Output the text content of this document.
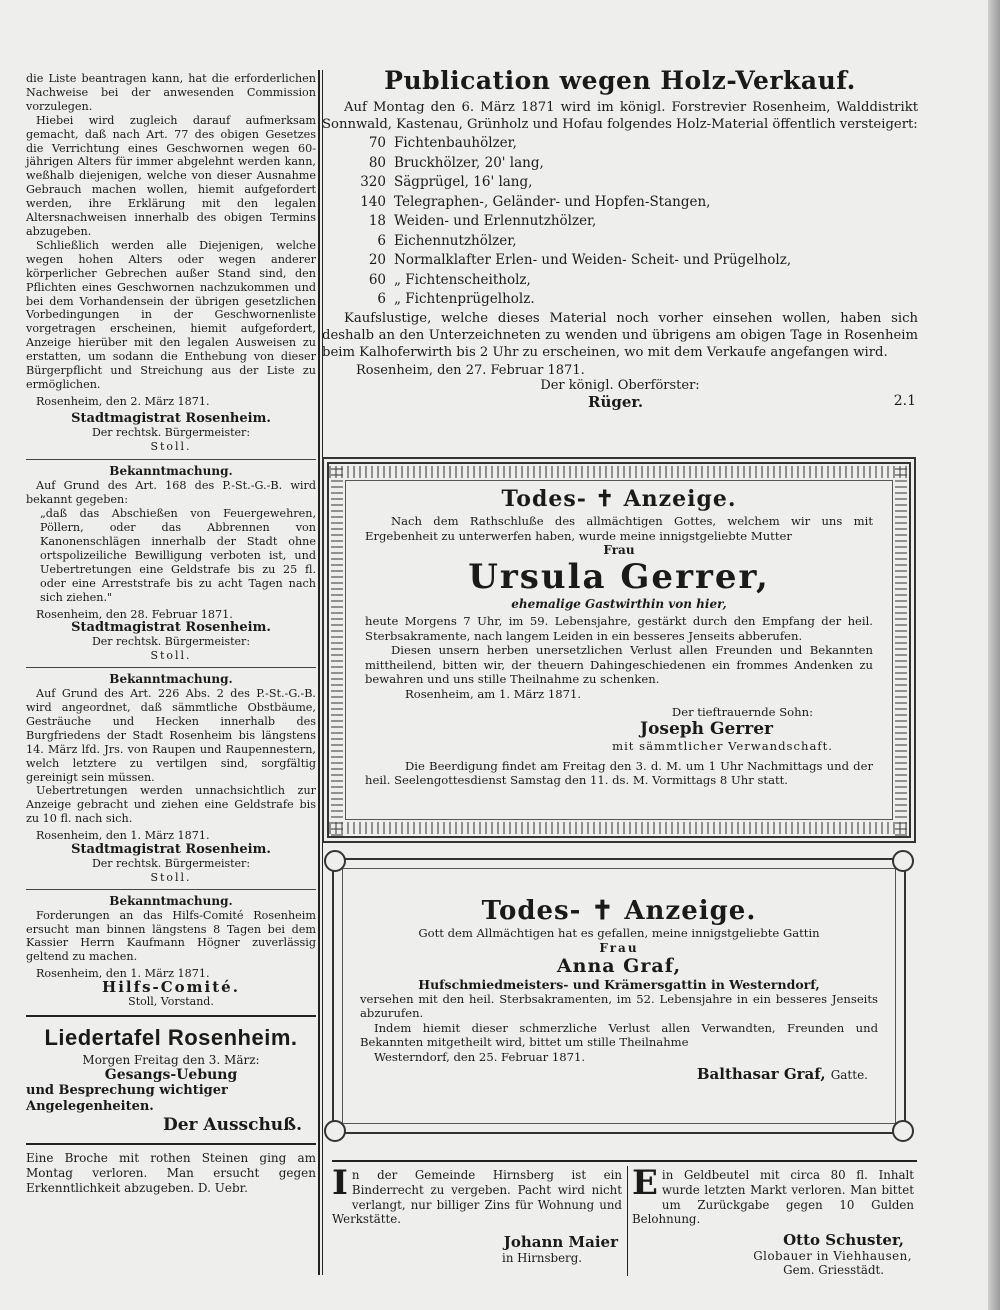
die Liste beantragen kann, hat die erforderlichen Nachweise bei der anwesenden Commission vorzulegen.

Hiebei wird zugleich darauf aufmerksam gemacht, daß nach Art. 77 des obigen Gesetzes die Verrichtung eines Geschwornen wegen 60-jährigen Alters für immer abgelehnt werden kann, weßhalb diejenigen, welche von dieser Ausnahme Gebrauch machen wollen, hiemit aufgefordert werden, ihre Erklärung mit den legalen Altersnachweisen innerhalb des obigen Termins abzugeben.

Schließlich werden alle Diejenigen, welche wegen hohen Alters oder wegen anderer körperlicher Gebrechen außer Stand sind, den Pflichten eines Geschwornen nachzukommen und bei dem Vorhandensein der übrigen gesetzlichen Vorbedingungen in der Geschwornenliste vorgetragen erscheinen, hiemit aufgefordert, Anzeige hierüber mit den legalen Ausweisen zu erstatten, um sodann die Enthebung von dieser Bürgerpflicht und Streichung aus der Liste zu ermöglichen.

Rosenheim, den 2. März 1871.

Stadtmagistrat Rosenheim.
Der rechtsk. Bürgermeister:
Stoll.
Bekanntmachung.

Auf Grund des Art. 168 des P.-St.-G.-B. wird bekannt gegeben:

„daß das Abschießen von Feuergewehren, Pöllern, oder das Abbrennen von Kanonenschlägen innerhalb der Stadt ohne ortspolizeiliche Bewilligung verboten ist, und Uebertretungen eine Geldstrafe bis zu 25 fl. oder eine Arreststrafe bis zu acht Tagen nach sich ziehen."

Rosenheim, den 28. Februar 1871.

Stadtmagistrat Rosenheim.
Der rechtsk. Bürgermeister:
Stoll.
Bekanntmachung.

Auf Grund des Art. 226 Abs. 2 des P.-St.-G.-B. wird angeordnet, daß sämmtliche Obstbäume, Gesträuche und Hecken innerhalb des Burgfriedens der Stadt Rosenheim bis längstens 14. März lfd. Jrs. von Raupen und Raupennestern, welch letztere zu vertilgen sind, sorgfältig gereinigt sein müssen.

Uebertretungen werden unnachsichtlich zur Anzeige gebracht und ziehen eine Geldstrafe bis zu 10 fl. nach sich.

Rosenheim, den 1. März 1871.

Stadtmagistrat Rosenheim.
Der rechtsk. Bürgermeister:
Stoll.
Bekanntmachung.

Forderungen an das Hilfs-Comité Rosenheim ersucht man binnen längstens 8 Tagen bei dem Kassier Herrn Kaufmann Högner zuverlässig geltend zu machen.

Rosenheim, den 1. März 1871.

Hilfs-Comité.
Stoll, Vorstand.
Liedertafel Rosenheim.
Morgen Freitag den 3. März:
Gesangs-Uebung
und Besprechung wichtiger Angelegenheiten.
Der Ausschuß.
Eine Broche mit rothen Steinen ging am Montag verloren. Man ersucht gegen Erkenntlichkeit abzugeben. D. Uebr.
Publication wegen Holz-Verkauf.
Auf Montag den 6. März 1871 wird im königl. Forstrevier Rosenheim, Walddistrikt Sonnwald, Kastenau, Grünholz und Hofau folgendes Holz-Material öffentlich versteigert:
70 Fichtenbauhölzer,
80 Bruckhölzer, 20' lang,
320 Sägprügel, 16' lang,
140 Telegraphen-, Geländer- und Hopfen-Stangen,
18 Weiden- und Erlennutzhölzer,
6 Eichennutzhölzer,
20 Normalklafter Erlen- und Weiden- Scheit- und Prügelholz,
60 „ Fichtenscheitholz,
6 „ Fichtenprügelholz.
Kaufslustige, welche dieses Material noch vorher einsehen wollen, haben sich deshalb an den Unterzeichneten zu wenden und übrigens am obigen Tage in Rosenheim beim Kalhoferwirth bis 2 Uhr zu erscheinen, wo mit dem Verkaufe angefangen wird.
Rosenheim, den 27. Februar 1871.
Der königl. Oberförster:
Rüger.	2.1
Todes- ✝ Anzeige.
Nach dem Rathschluße des allmächtigen Gottes, welchem wir uns mit Ergebenheit zu unterwerfen haben, wurde meine innigstgeliebte Mutter
Frau
Ursula Gerrer,
ehemalige Gastwirthin von hier,
heute Morgens 7 Uhr, im 59. Lebensjahre, gestärkt durch den Empfang der heil. Sterbsakramente, nach langem Leiden in ein besseres Jenseits abberufen.
Diesen unsern herben unersetzlichen Verlust allen Freunden und Bekannten mittheilend, bitten wir, der theuern Dahingeschiedenen ein frommes Andenken zu bewahren und uns stille Theilnahme zu schenken.
Rosenheim, am 1. März 1871.
Der tieftrauernde Sohn:
Joseph Gerrer
mit sämmtlicher Verwandschaft.
Die Beerdigung findet am Freitag den 3. d. M. um 1 Uhr Nachmittags und der heil. Seelengottesdienst Samstag den 11. ds. M. Vormittags 8 Uhr statt.
Todes- ✝ Anzeige.
Gott dem Allmächtigen hat es gefallen, meine innigstgeliebte Gattin
Frau
Anna Graf,
Hufschmiedmeisters- und Krämersgattin in Westerndorf,
versehen mit den heil. Sterbsakramenten, im 52. Lebensjahre in ein besseres Jenseits abzurufen.
Indem hiemit dieser schmerzliche Verlust allen Verwandten, Freunden und Bekannten mitgetheilt wird, bittet um stille Theilnahme
Westerndorf, den 25. Februar 1871.
Balthasar Graf, Gatte.
I n der Gemeinde Hirnsberg ist ein Binderrecht zu vergeben. Pacht wird nicht verlangt, nur billiger Zins für Wohnung und Werkstätte.
Johann Maier
in Hirnsberg.
E in Geldbeutel mit circa 80 fl. Inhalt wurde letzten Markt verloren. Man bittet um Zurückgabe gegen 10 Gulden Belohnung.
Otto Schuster,
Globauer in Viehhausen,
Gem. Griesstädt.
